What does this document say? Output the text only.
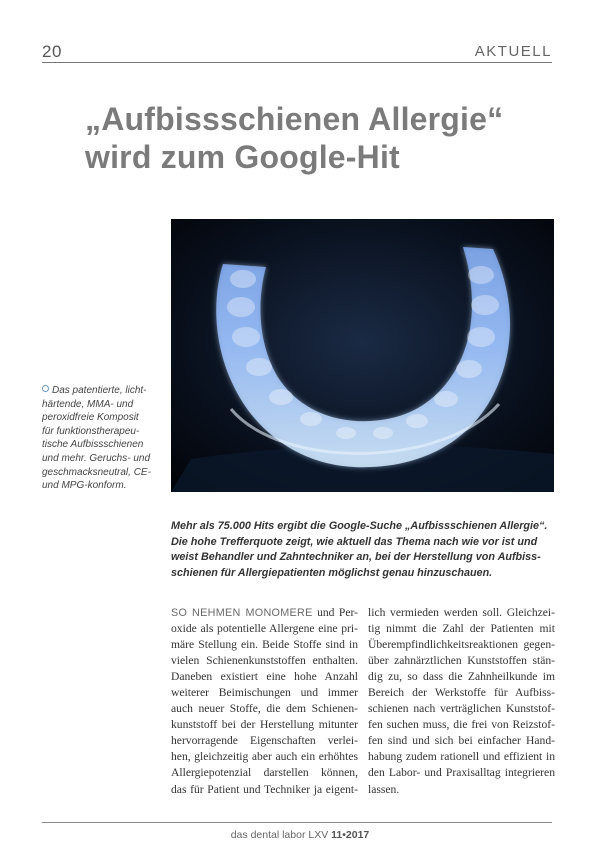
20	AKTUELL
„Aufbissschienen Allergie“
wird zum Google-Hit
Das patentierte, licht-
härtende, MMA- und
peroxidfreie Komposit
für funktionstherapeu-
tische Aufbissschienen
und mehr. Geruchs- und
geschmacksneutral, CE-
und MPG-konform.
Mehr als 75.000 Hits ergibt die Google-Suche „Aufbissschienen Allergie“.
Die hohe Trefferquote zeigt, wie aktuell das Thema nach wie vor ist und
weist Behandler und Zahntechniker an, bei der Herstellung von Aufbiss-
schienen für Allergiepatienten möglichst genau hinzuschauen.
SO NEHMEN MONOMERE und Per-
oxide als potentielle Allergene eine pri-
märe Stellung ein. Beide Stoffe sind in
vielen Schienenkunststoffen enthalten.
Daneben existiert eine hohe Anzahl
weiterer Beimischungen und immer
auch neuer Stoffe, die dem Schienen-
kunststoff bei der Herstellung mitunter
hervorragende Eigenschaften verlei-
hen, gleichzeitig aber auch ein erhöhtes
Allergiepotenzial darstellen können,
das für Patient und Techniker ja eigent-
lich vermieden werden soll. Gleichzei-
tig nimmt die Zahl der Patienten mit
Überempfindlichkeitsreaktionen gegen-
über zahnärztlichen Kunststoffen stän-
dig zu, so dass die Zahnheilkunde im
Bereich der Werkstoffe für Aufbiss-
schienen nach verträglichen Kunststof-
fen suchen muss, die frei von Reizstof-
fen sind und sich bei einfacher Hand-
habung zudem rationell und effizient in
den Labor- und Praxisalltag integrieren
lassen.
das dental labor LXV 11•2017
